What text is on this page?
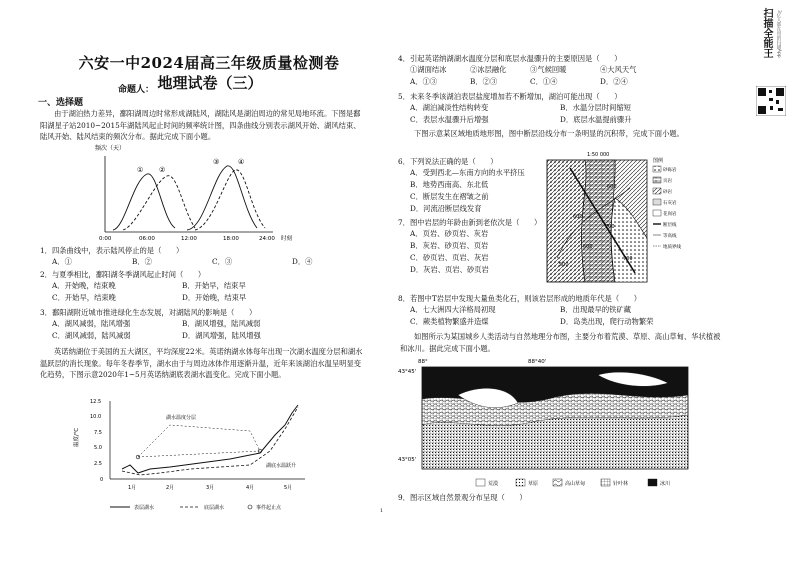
六安一中2024届高三年级质量检测卷
地理试卷（三）
命题人：
一、选择题
由于湖泊热力差异，鄱阳湖周边时常形成湖陆风，湖陆风是湖泊周边的常见局地环流。下图是鄱阳湖星子站2010~2015年湖陆风起止时间的频率统计图，四条曲线分别表示湖风开始、湖风结束、陆风开始、陆风结束的频次分布。据此完成下面小题。
频次（天）
① ②
③	④
0:00	06:00	12:00	18:00	24:00 时刻
1．四条曲线中，表示陆风停止的是（　　）
A．①	B．②	C．③	D．④
2．与夏季相比，鄱阳湖冬季湖风起止时间（　　）
A．开始晚，结束晚	B．开始早，结束早
C．开始早，结束晚	D．开始晚，结束早
3．鄱阳湖附近城市推进绿化生态发展，对湖陆风的影响是（　　）
A．湖风减弱，陆风增强	B．湖风增强，陆风减弱
C．湖风减弱，陆风减弱	D．湖风增强，陆风增强
英诺纳湖位于美国的五大湖区，平均深度22米。英诺纳湖水体每年出现一次湖水温度分层和湖水温跃层的消长现象。每年冬春季节，湖水由于与周边冰体作用逐渐升温，近年来该湖泊水温呈明显变化趋势，下图示意2020年1~5月英诺纳湖底表湖水温变化。完成下面小题。
温度/℃
12.5
10.0
7.5
5.0
2.5
0
湖水温度分层
湖底水温跃升
1月	2月	3月	4月	5月
表层湖水	底层湖水	事件起止点
4．引起英诺纳湖湖水温度分层和底层水温骤升的主要原因是（　　）
①湖面结冰	②冰层融化	③气候回暖	④大风天气
A．①③	B．②③	C．①④	D．②④
5．未来冬季该湖泊表层盐度增加若不断增加，湖泊可能出现（　　）
A．湖泊减淡性结构转变	B．水温分层时间缩短
C．表层水温骤升后增强	D．底层水温提前骤升
下图示意某区域地质地形图，图中断层沿线分布一条明显的沉积带，完成下面小题。
6．下列说法正确的是（　　）
A．受到西北—东南方向的水平挤压
B．地势西南高、东北低
C．断层发生在褶皱之前
D．河流沿断层线发育
7．图中岩层的年龄由新到老依次是（　　）
A．页岩、砂页岩、灰岩
B．灰岩、砂页岩、页岩
C．砂页岩、页岩、灰岩
D．灰岩、页岩、砂页岩
1:50 000
600
700
600
500
700
600
图例
砂砾岩
页岩
砂岩
石灰岩
花岗岩
断层线
等高线
地质界线
8．若图中T岩层中发现大量鱼类化石，则该岩层形成的地质年代是（　　）
A．七大洲四大洋格局初现	B．出现最早的铁矿藏
C．蕨类植物繁盛并造煤	D．岛类出现，爬行动物繁荣
如图所示为某国城乡人类活动与自然地理分布图，主要分布着荒漠、草原、高山草甸、华状植被和冰川。据此完成下面小题。
88°	88°40'
43°45'
43°05'
荒漠	草原	高山草甸	针叶林	冰川
9．图示区域自然景观分布呈现（　　）
1
扫描全能王 3亿人都在用的扫描App
